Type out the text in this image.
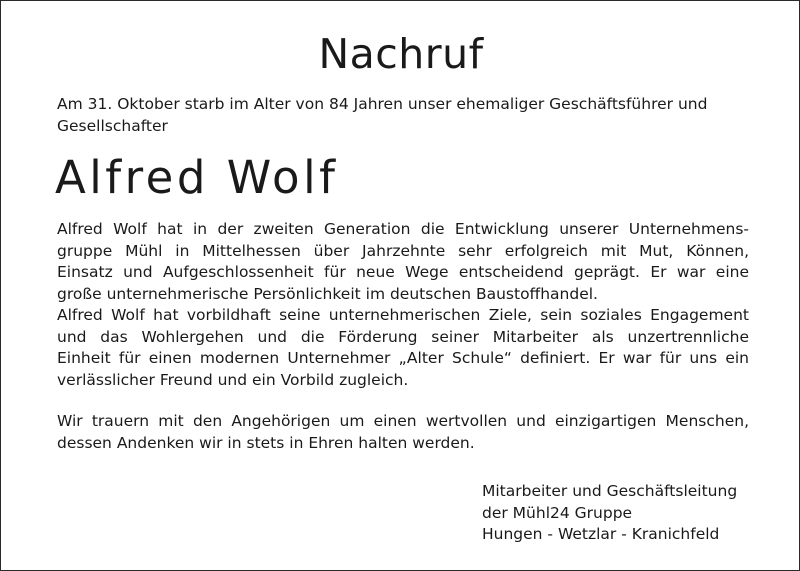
Nachruf

Am 31. Oktober starb im Alter von 84 Jahren unser ehemaliger Geschäftsführer und
Gesellschafter

Alfred Wolf

Alfred Wolf hat in der zweiten Generation die Entwicklung unserer Unternehmens-
gruppe Mühl in Mittelhessen über Jahrzehnte sehr erfolgreich mit Mut, Können,
Einsatz und Aufgeschlossenheit für neue Wege entscheidend geprägt. Er war eine
große unternehmerische Persönlichkeit im deutschen Baustoffhandel.
Alfred Wolf hat vorbildhaft seine unternehmerischen Ziele, sein soziales Engagement
und das Wohlergehen und die Förderung seiner Mitarbeiter als unzertrennliche
Einheit für einen modernen Unternehmer „Alter Schule“ definiert. Er war für uns ein
verlässlicher Freund und ein Vorbild zugleich.

Wir trauern mit den Angehörigen um einen wertvollen und einzigartigen Menschen,
dessen Andenken wir in stets in Ehren halten werden.

Mitarbeiter und Geschäftsleitung
der Mühl24 Gruppe
Hungen - Wetzlar - Kranichfeld
